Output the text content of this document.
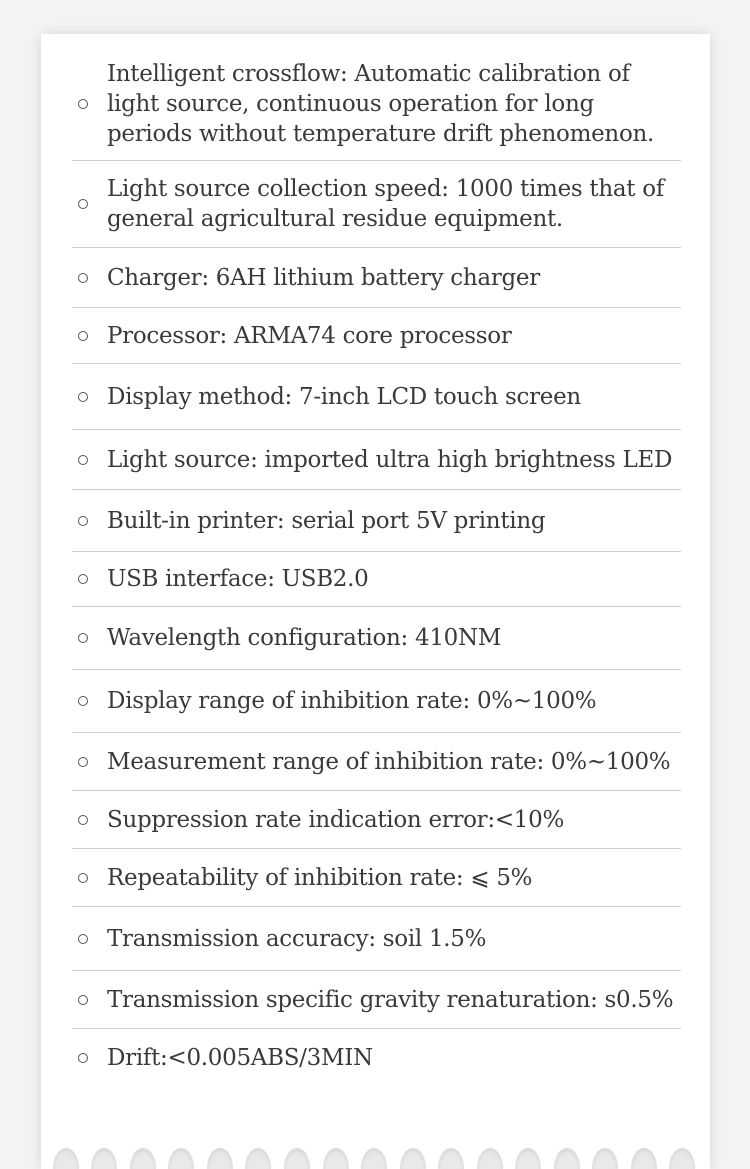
Intelligent crossflow: Automatic calibration of light source, continuous operation for long periods without temperature drift phenomenon.
Light source collection speed: 1000 times that of general agricultural residue equipment.
Charger: 6AH lithium battery charger
Processor: ARMA74 core processor
Display method: 7-inch LCD touch screen
Light source: imported ultra high brightness LED
Built-in printer: serial port 5V printing
USB interface: USB2.0
Wavelength configuration: 410NM
Display range of inhibition rate: 0%~100%
Measurement range of inhibition rate: 0%~100%
Suppression rate indication error:<10%
Repeatability of inhibition rate: ⩽ 5%
Transmission accuracy: soil 1.5%
Transmission specific gravity renaturation: s0.5%
Drift:<0.005ABS/3MIN
